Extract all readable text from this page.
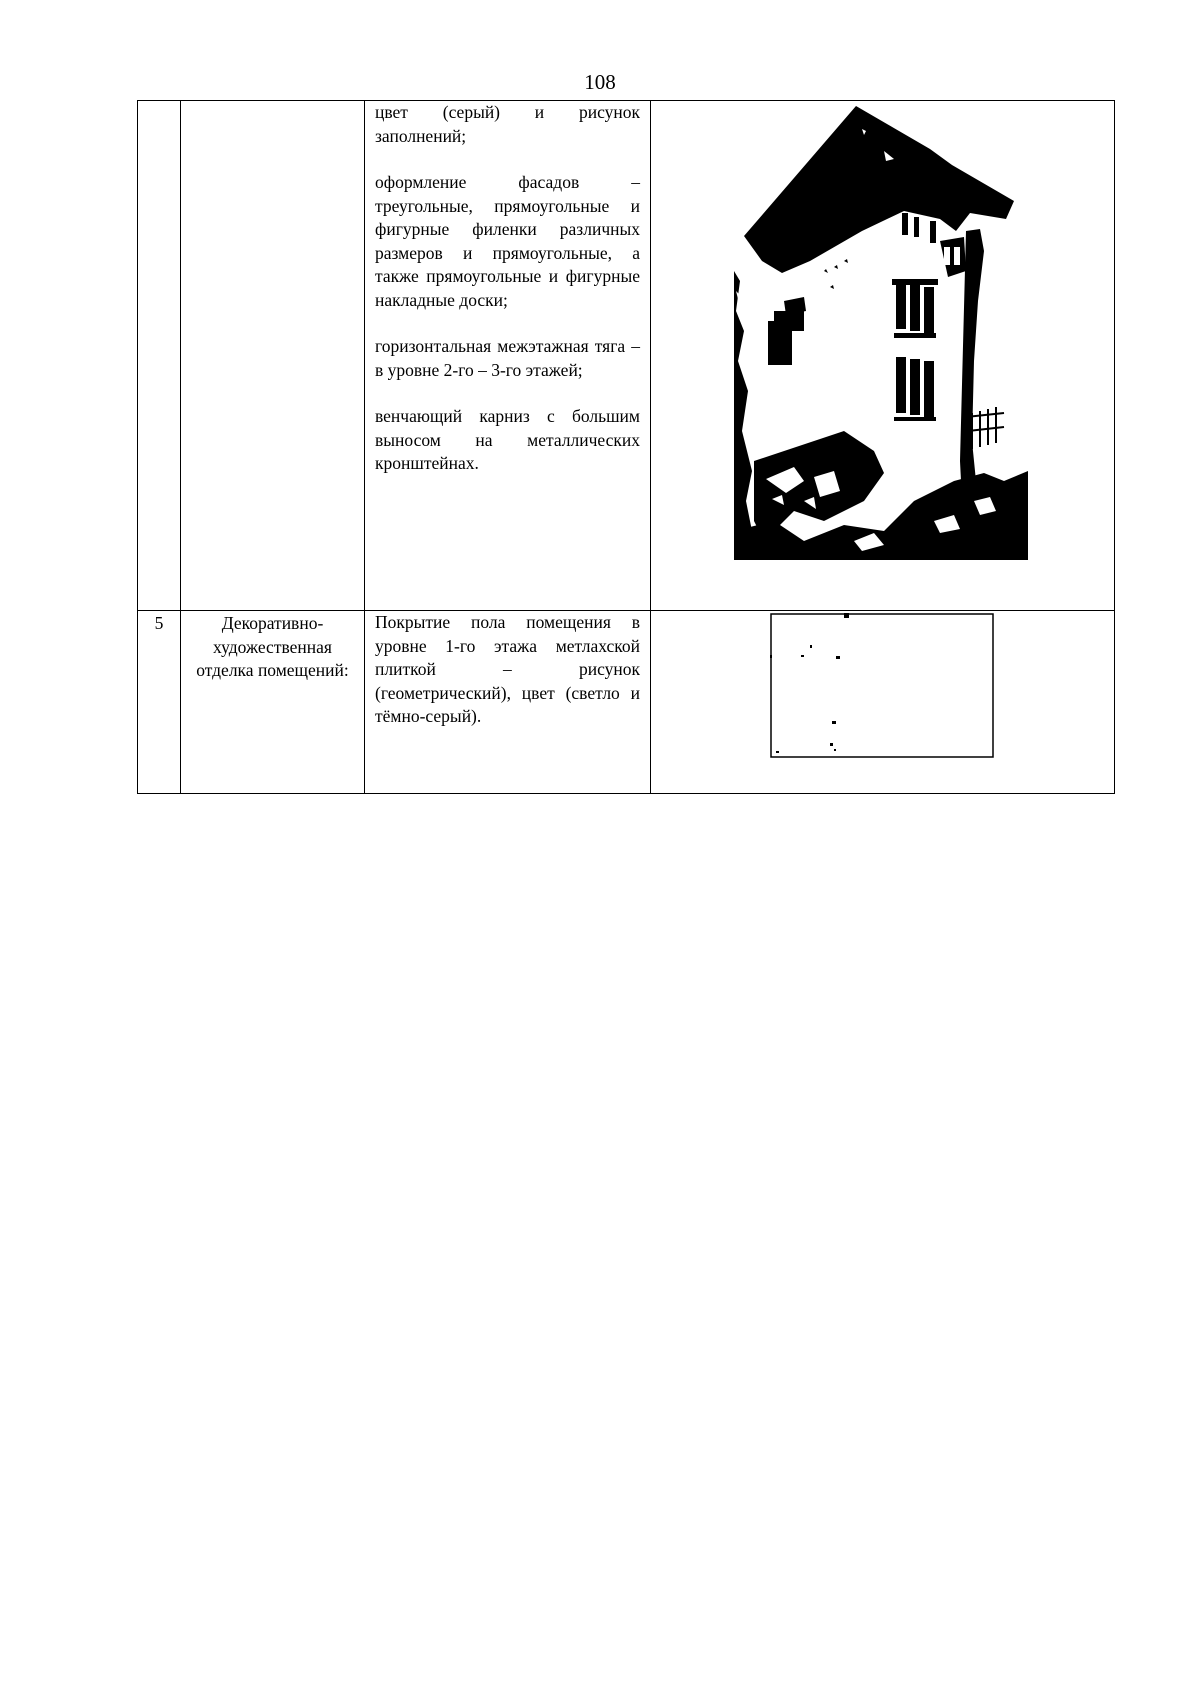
108

		цвет (серый) и рисунок заполнений;

оформление фасадов – треугольные, прямоугольные и фигурные филенки различных размеров и прямоугольные, а также прямоугольные и фигурные накладные доски;

горизонтальная межэтажная тяга – в уровне 2-го – 3-го этажей;

венчающий карниз с большим выносом на металлических кронштейнах.

5	Декоративно-художественная отделка помещений:	Покрытие пола помещения в уровне 1-го этажа метлахской плиткой – рисунок (геометрический), цвет (светло и тёмно-серый).
